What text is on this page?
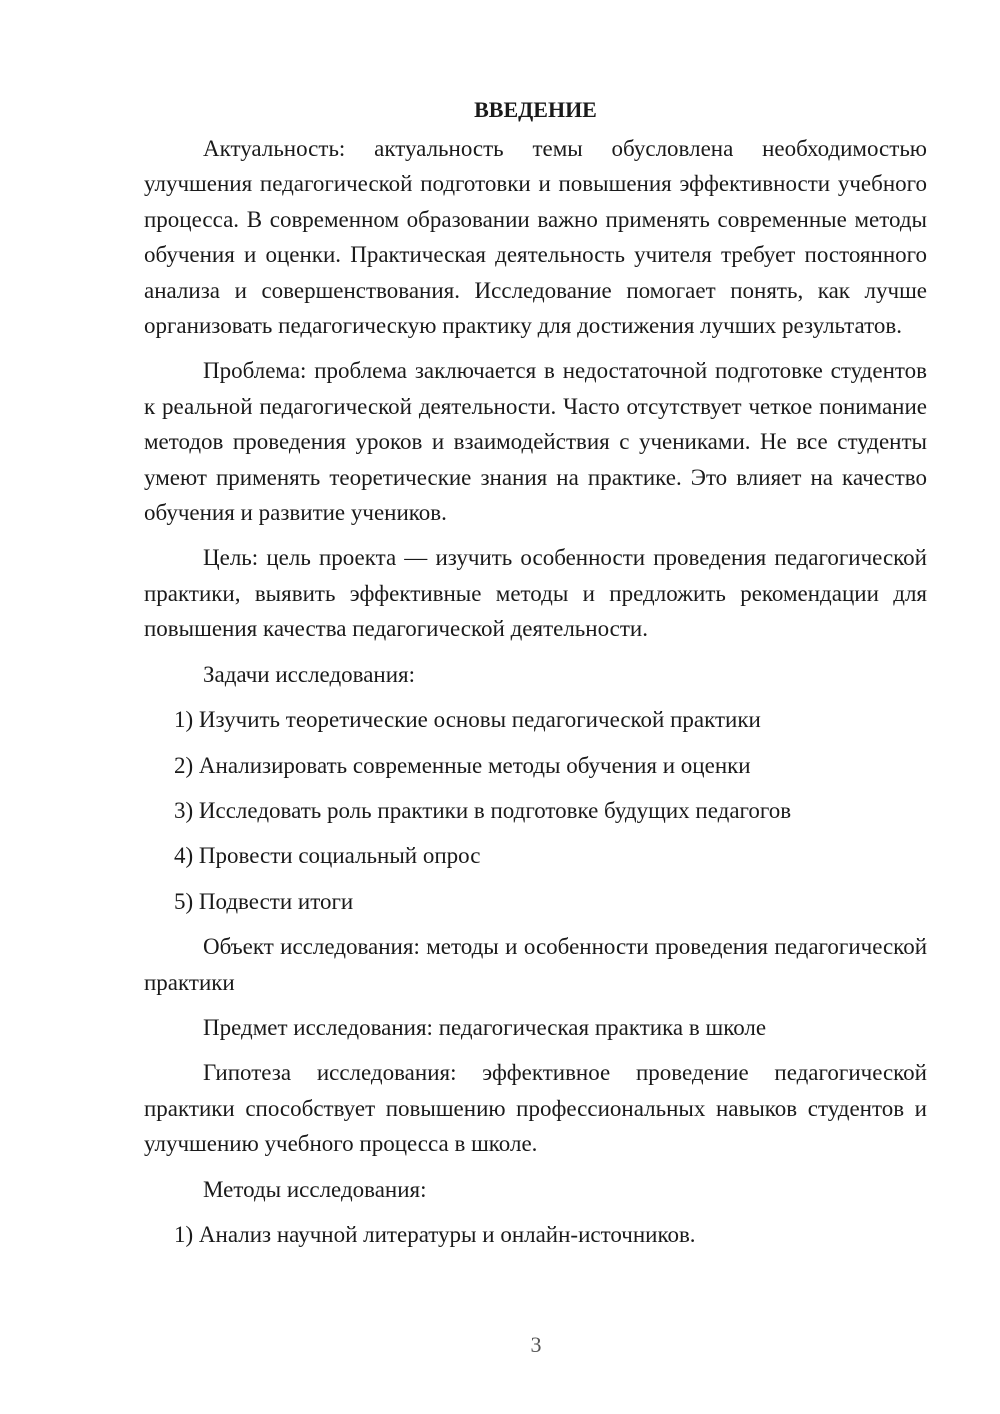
ВВЕДЕНИЕ

Актуальность: актуальность темы обусловлена необходимостью улучшения педагогической подготовки и повышения эффективности учебного процесса. В современном образовании важно применять современные методы обучения и оценки. Практическая деятельность учителя требует постоянного анализа и совершенствования. Исследование помогает понять, как лучше организовать педагогическую практику для достижения лучших результатов.

Проблема: проблема заключается в недостаточной подготовке студентов к реальной педагогической деятельности. Часто отсутствует четкое понимание методов проведения уроков и взаимодействия с учениками. Не все студенты умеют применять теоретические знания на практике. Это влияет на качество обучения и развитие учеников.

Цель: цель проекта — изучить особенности проведения педагогической практики, выявить эффективные методы и предложить рекомендации для повышения качества педагогической деятельности.

Задачи исследования:

1) Изучить теоретические основы педагогической практики

2) Анализировать современные методы обучения и оценки

3) Исследовать роль практики в подготовке будущих педагогов

4) Провести социальный опрос

5) Подвести итоги

Объект исследования: методы и особенности проведения педагогической практики

Предмет исследования: педагогическая практика в школе

Гипотеза исследования: эффективное проведение педагогической практики способствует повышению профессиональных навыков студентов и улучшению учебного процесса в школе.

Методы исследования:

1) Анализ научной литературы и онлайн-источников.

3
